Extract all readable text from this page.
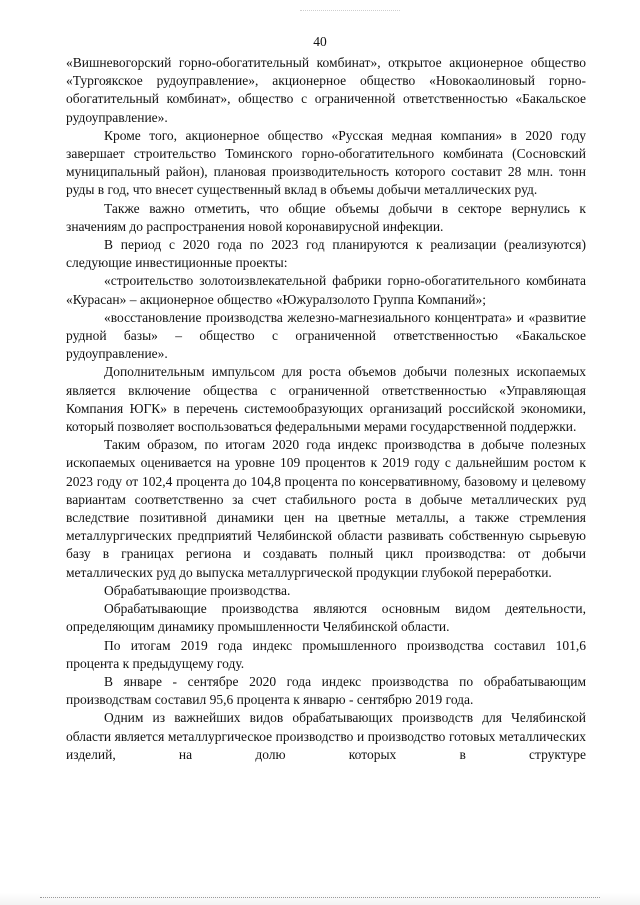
40

«Вишневогорский горно-обогатительный комбинат», открытое акционерное общество «Тургоякское рудоуправление», акционерное общество «Новокаолиновый горно-обогатительный комбинат», общество с ограниченной ответственностью «Бакальское рудоуправление».

Кроме того, акционерное общество «Русская медная компания» в 2020 году завершает строительство Томинского горно-обогатительного комбината (Сосновский муниципальный район), плановая производительность которого составит 28 млн. тонн руды в год, что внесет существенный вклад в объемы добычи металлических руд.

Также важно отметить, что общие объемы добычи в секторе вернулись к значениям до распространения новой коронавирусной инфекции.

В период с 2020 года по 2023 год планируются к реализации (реализуются) следующие инвестиционные проекты:

«строительство золотоизвлекательной фабрики горно-обогатительного комбината «Курасан» – акционерное общество «Южуралзолото Группа Компаний»;

«восстановление производства железно-магнезиального концентрата» и «развитие рудной базы» – общество с ограниченной ответственностью «Бакальское рудоуправление».

Дополнительным импульсом для роста объемов добычи полезных ископаемых является включение общества с ограниченной ответственностью «Управляющая Компания ЮГК» в перечень системообразующих организаций российской экономики, который позволяет воспользоваться федеральными мерами государственной поддержки.

Таким образом, по итогам 2020 года индекс производства в добыче полезных ископаемых оценивается на уровне 109 процентов к 2019 году с дальнейшим ростом к 2023 году от 102,4 процента до 104,8 процента по консервативному, базовому и целевому вариантам соответственно за счет стабильного роста в добыче металлических руд вследствие позитивной динамики цен на цветные металлы, а также стремления металлургических предприятий Челябинской области развивать собственную сырьевую базу в границах региона и создавать полный цикл производства: от добычи металлических руд до выпуска металлургической продукции глубокой переработки.

Обрабатывающие производства.

Обрабатывающие производства являются основным видом деятельности, определяющим динамику промышленности Челябинской области.

По итогам 2019 года индекс промышленного производства составил 101,6 процента к предыдущему году.

В январе - сентябре 2020 года индекс производства по обрабатывающим производствам составил 95,6 процента к январю - сентябрю 2019 года.

Одним из важнейших видов обрабатывающих производств для Челябинской области является металлургическое производство и производство готовых металлических изделий, на долю которых в структуре
